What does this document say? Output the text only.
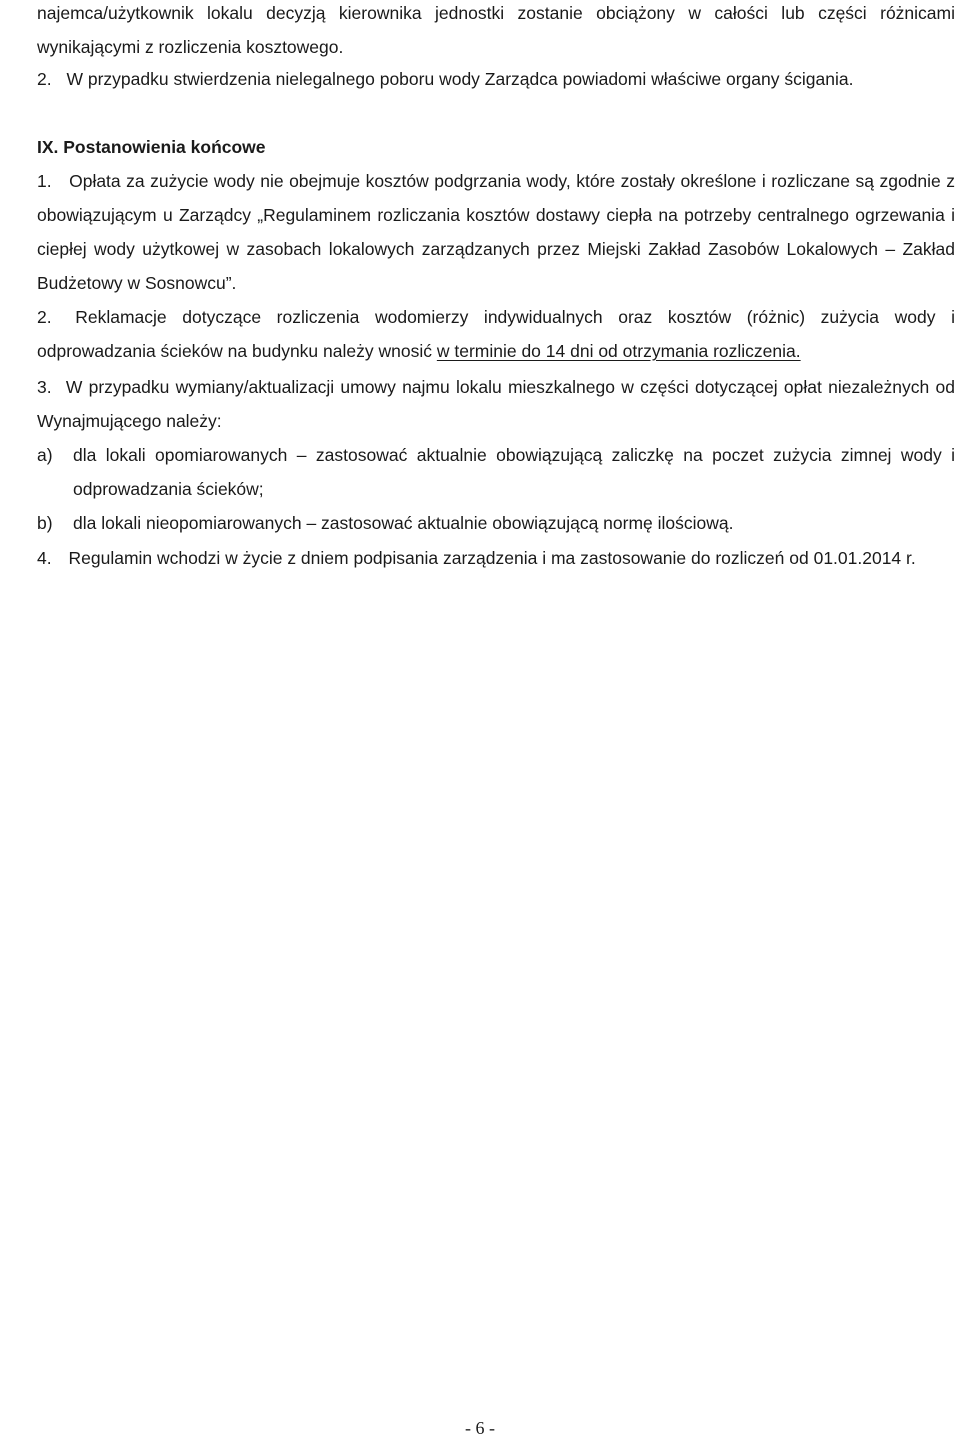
najemca/użytkownik lokalu decyzją kierownika jednostki zostanie obciążony w całości lub części różnicami wynikającymi z rozliczenia kosztowego.
2. W przypadku stwierdzenia nielegalnego poboru wody Zarządca powiadomi właściwe organy ścigania.
IX. Postanowienia końcowe
1. Opłata za zużycie wody nie obejmuje kosztów podgrzania wody, które zostały określone i rozliczane są zgodnie z obowiązującym u Zarządcy „Regulaminem rozliczania kosztów dostawy ciepła na potrzeby centralnego ogrzewania i ciepłej wody użytkowej w zasobach lokalowych zarządzanych przez Miejski Zakład Zasobów Lokalowych – Zakład Budżetowy w Sosnowcu”.
2. Reklamacje dotyczące rozliczenia wodomierzy indywidualnych oraz kosztów (różnic) zużycia wody i odprowadzania ścieków na budynku należy wnosić w terminie do 14 dni od otrzymania rozliczenia.
3. W przypadku wymiany/aktualizacji umowy najmu lokalu mieszkalnego w części dotyczącej opłat niezależnych od Wynajmującego należy:
a) dla lokali opomiarowanych – zastosować aktualnie obowiązującą zaliczkę na poczet zużycia zimnej wody i odprowadzania ścieków;
b) dla lokali nieopomiarowanych – zastosować aktualnie obowiązującą normę ilościową.
4. Regulamin wchodzi w życie z dniem podpisania zarządzenia i ma zastosowanie do rozliczeń od 01.01.2014 r.
- 6 -
